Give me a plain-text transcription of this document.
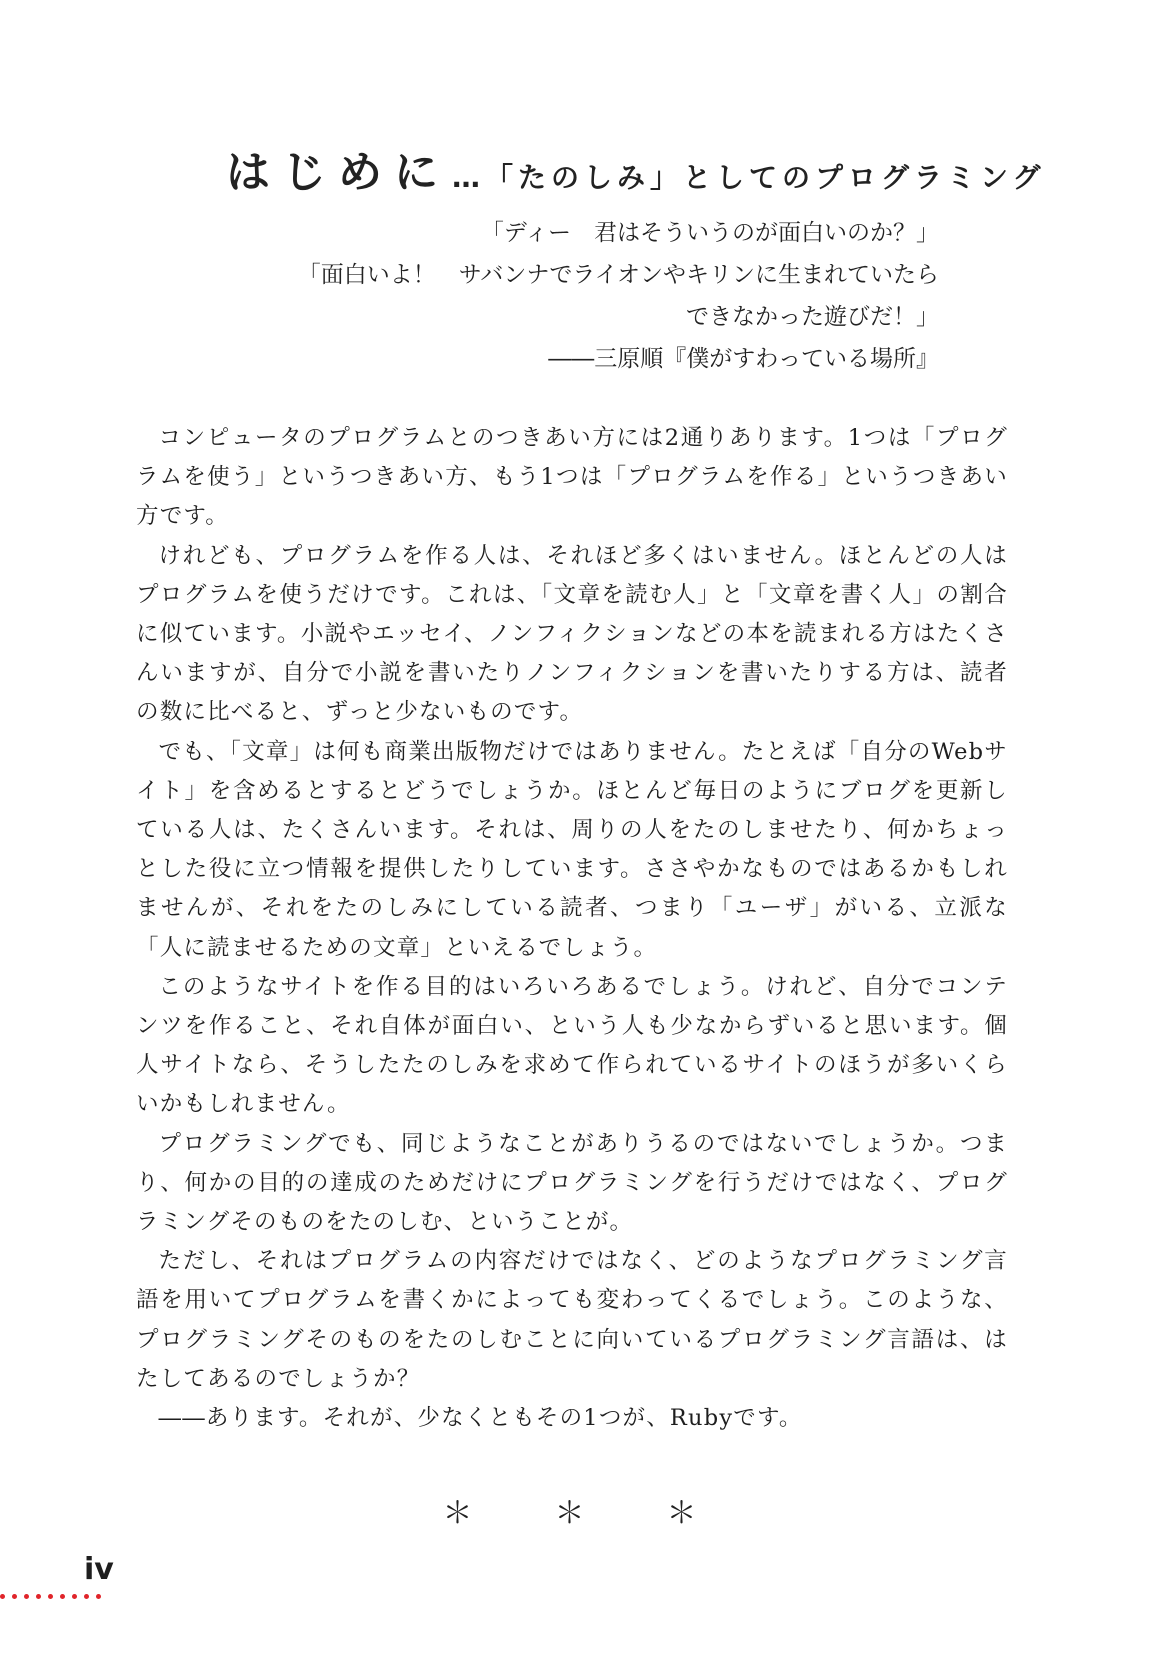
はじめに…「たのしみ」としてのプログラミング
「ディー　君はそういうのが面白いのか？」
「面白いよ！　サバンナでライオンやキリンに生まれていたら
できなかった遊びだ！」
――三原順『僕がすわっている場所』

コンピュータのプログラムとのつきあい方には2通りあります。1つは「プログラムを使う」というつきあい方、もう1つは「プログラムを作る」というつきあい方です。

けれども、プログラムを作る人は、それほど多くはいません。ほとんどの人はプログラムを使うだけです。これは、「文章を読む人」と「文章を書く人」の割合に似ています。小説やエッセイ、ノンフィクションなどの本を読まれる方はたくさんいますが、自分で小説を書いたりノンフィクションを書いたりする方は、読者の数に比べると、ずっと少ないものです。

でも、「文章」は何も商業出版物だけではありません。たとえば「自分のWebサイト」を含めるとするとどうでしょうか。ほとんど毎日のようにブログを更新している人は、たくさんいます。それは、周りの人をたのしませたり、何かちょっとした役に立つ情報を提供したりしています。ささやかなものではあるかもしれませんが、それをたのしみにしている読者、つまり「ユーザ」がいる、立派な「人に読ませるための文章」といえるでしょう。

このようなサイトを作る目的はいろいろあるでしょう。けれど、自分でコンテンツを作ること、それ自体が面白い、という人も少なからずいると思います。個人サイトなら、そうしたたのしみを求めて作られているサイトのほうが多いくらいかもしれません。

プログラミングでも、同じようなことがありうるのではないでしょうか。つまり、何かの目的の達成のためだけにプログラミングを行うだけではなく、プログラミングそのものをたのしむ、ということが。

ただし、それはプログラムの内容だけではなく、どのようなプログラミング言語を用いてプログラムを書くかによっても変わってくるでしょう。このような、プログラミングそのものをたのしむことに向いているプログラミング言語は、はたしてあるのでしょうか？

――あります。それが、少なくともその1つが、Rubyです。

＊　＊　＊
iv
